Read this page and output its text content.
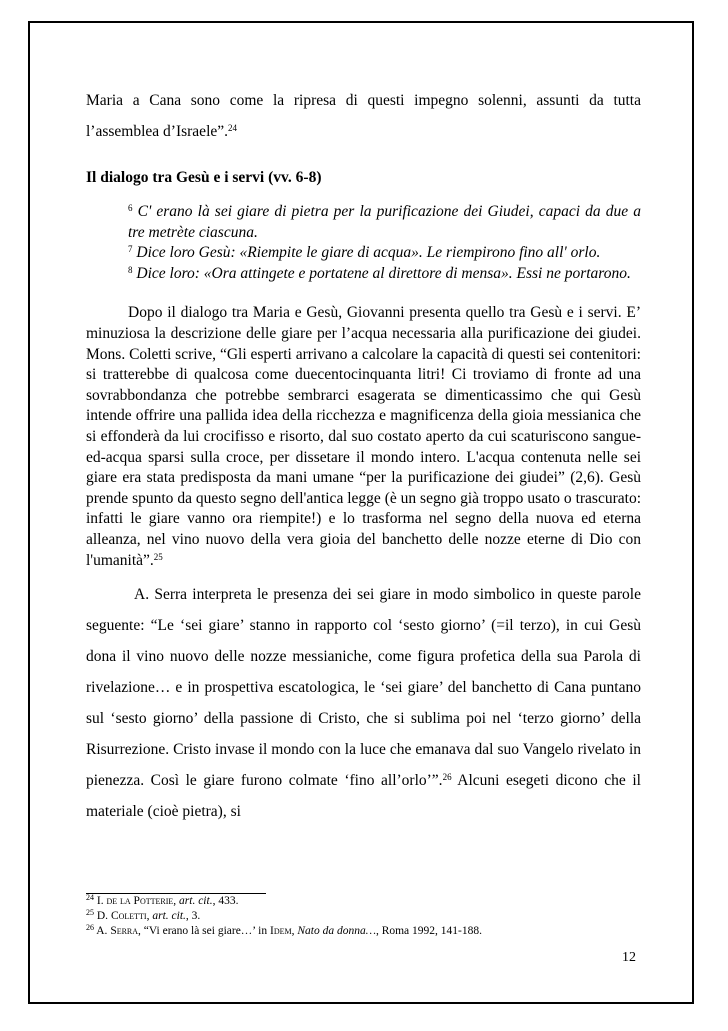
Maria a Cana sono come la ripresa di questi impegno solenni, assunti da tutta l’assemblea d’Israele”.$^{24}$

Il dialogo tra Gesù e i servi (vv. 6-8)

$^6$ C' erano là sei giare di pietra per la purificazione dei Giudei, capaci da due a tre metrète ciascuna.

$^7$ Dice loro Gesù: «Riempite le giare di acqua». Le riempirono fino all' orlo.

$^8$ Dice loro: «Ora attingete e portatene al direttore di mensa». Essi ne portarono.

Dopo il dialogo tra Maria e Gesù, Giovanni presenta quello tra Gesù e i servi. E’ minuziosa la descrizione delle giare per l’acqua necessaria alla purificazione dei giudei. Mons. Coletti scrive, “Gli esperti arrivano a calcolare la capacità di questi sei contenitori: si tratterebbe di qualcosa come duecentocinquanta litri! Ci troviamo di fronte ad una sovrabbondanza che potrebbe sembrarci esagerata se dimenticassimo che qui Gesù intende offrire una pallida idea della ricchezza e magnificenza della gioia messianica che si effonderà da lui crocifisso e risorto, dal suo costato aperto da cui scaturiscono sangue-ed-acqua sparsi sulla croce, per dissetare il mondo intero. L'acqua contenuta nelle sei giare era stata predisposta da mani umane “per la purificazione dei giudei” (2,6). Gesù prende spunto da questo segno dell'antica legge (è un segno già troppo usato o trascurato: infatti le giare vanno ora riempite!) e lo trasforma nel segno della nuova ed eterna alleanza, nel vino nuovo della vera gioia del banchetto delle nozze eterne di Dio con l'umanità”.$^{25}$

A. Serra interpreta le presenza dei sei giare in modo simbolico in queste parole seguente: “Le ‘sei giare’ stanno in rapporto col ‘sesto giorno’ (=il terzo), in cui Gesù dona il vino nuovo delle nozze messianiche, come figura profetica della sua Parola di rivelazione… e in prospettiva escatologica, le ‘sei giare’ del banchetto di Cana puntano sul ‘sesto giorno’ della passione di Cristo, che si sublima poi nel ‘terzo giorno’ della Risurrezione. Cristo invase il mondo con la luce che emanava dal suo Vangelo rivelato in pienezza. Così le giare furono colmate ‘fino all’orlo’”.$^{26}$ Alcuni esegeti dicono che il materiale (cioè pietra), si

$^{24}$ I. de la Potterie, art. cit., 433.

$^{25}$ D. Coletti, art. cit., 3.

$^{26}$ A. Serra, “Vi erano là sei giare…’ in Idem, Nato da donna…, Roma 1992, 141-188.

12
